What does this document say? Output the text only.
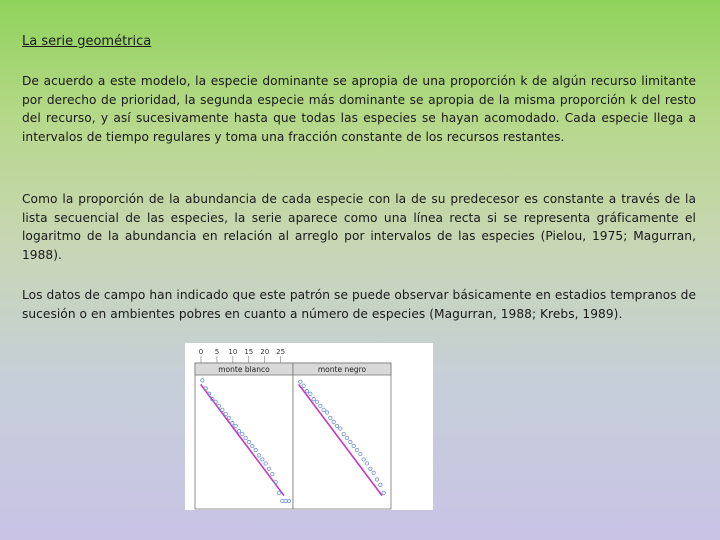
La serie geométrica

De acuerdo a este modelo, la especie dominante se apropia de una proporción k de algún recurso limitante por derecho de prioridad, la segunda especie más dominante se apropia de la misma proporción k del resto del recurso, y así sucesivamente hasta que todas las especies se hayan acomodado. Cada especie llega a intervalos de tiempo regulares y toma una fracción constante de los recursos restantes.

Como la proporción de la abundancia de cada especie con la de su predecesor es constante a través de la lista secuencial de las especies, la serie aparece como una línea recta si se representa gráficamente el logaritmo de la abundancia en relación al arreglo por intervalos de las especies (Pielou, 1975; Magurran, 1988).

Los datos de campo han indicado que este patrón se puede observar básicamente en estadios tempranos de sucesión o en ambientes pobres en cuanto a número de especies (Magurran, 1988; Krebs, 1989).

0 5 10 15 20 25
monte blanco	monte negro
